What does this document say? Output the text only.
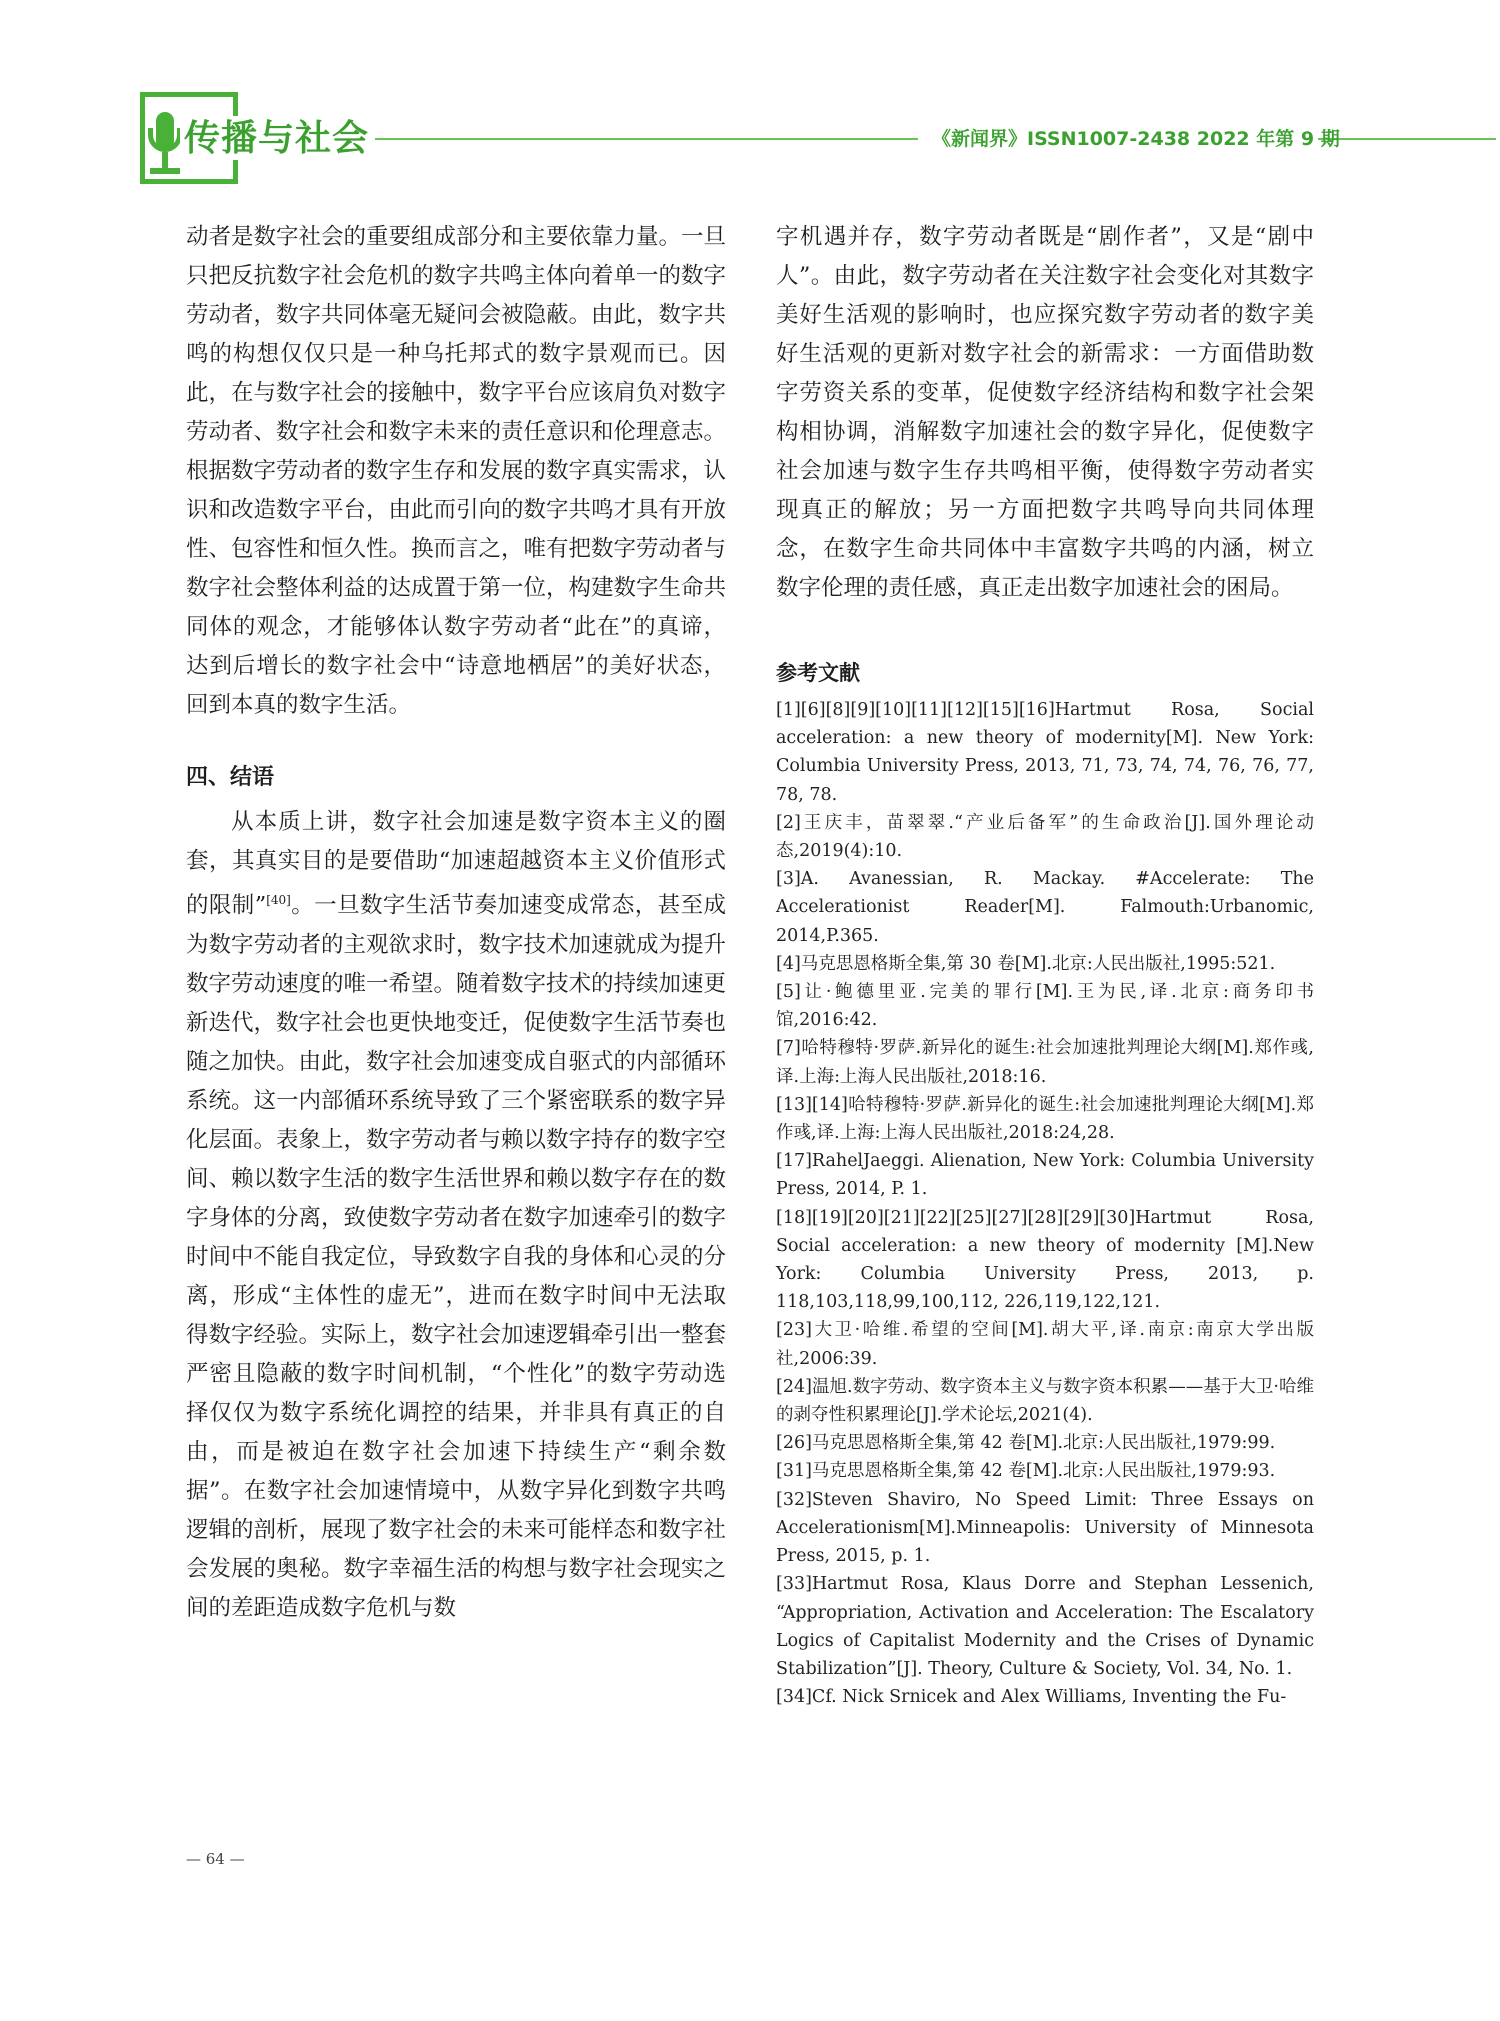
传播与社会	《新闻界》ISSN1007-2438 2022 年第 9 期

动者是数字社会的重要组成部分和主要依靠力量。一旦只把反抗数字社会危机的数字共鸣主体向着单一的数字劳动者，数字共同体毫无疑问会被隐蔽。由此，数字共鸣的构想仅仅只是一种乌托邦式的数字景观而已。因此，在与数字社会的接触中，数字平台应该肩负对数字劳动者、数字社会和数字未来的责任意识和伦理意志。根据数字劳动者的数字生存和发展的数字真实需求，认识和改造数字平台，由此而引向的数字共鸣才具有开放性、包容性和恒久性。换而言之，唯有把数字劳动者与数字社会整体利益的达成置于第一位，构建数字生命共同体的观念，才能够体认数字劳动者“此在”的真谛，达到后增长的数字社会中“诗意地栖居”的美好状态，回到本真的数字生活。

四、结语

从本质上讲，数字社会加速是数字资本主义的圈套，其真实目的是要借助“加速超越资本主义价值形式的限制”[40]。一旦数字生活节奏加速变成常态，甚至成为数字劳动者的主观欲求时，数字技术加速就成为提升数字劳动速度的唯一希望。随着数字技术的持续加速更新迭代，数字社会也更快地变迁，促使数字生活节奏也随之加快。由此，数字社会加速变成自驱式的内部循环系统。这一内部循环系统导致了三个紧密联系的数字异化层面。表象上，数字劳动者与赖以数字持存的数字空间、赖以数字生活的数字生活世界和赖以数字存在的数字身体的分离，致使数字劳动者在数字加速牵引的数字时间中不能自我定位，导致数字自我的身体和心灵的分离，形成“主体性的虚无”，进而在数字时间中无法取得数字经验。实际上，数字社会加速逻辑牵引出一整套严密且隐蔽的数字时间机制，“个性化”的数字劳动选择仅仅为数字系统化调控的结果，并非具有真正的自由，而是被迫在数字社会加速下持续生产“剩余数据”。在数字社会加速情境中，从数字异化到数字共鸣逻辑的剖析，展现了数字社会的未来可能样态和数字社会发展的奥秘。数字幸福生活的构想与数字社会现实之间的差距造成数字危机与数

字机遇并存，数字劳动者既是“剧作者”，又是“剧中人”。由此，数字劳动者在关注数字社会变化对其数字美好生活观的影响时，也应探究数字劳动者的数字美好生活观的更新对数字社会的新需求：一方面借助数字劳资关系的变革，促使数字经济结构和数字社会架构相协调，消解数字加速社会的数字异化，促使数字社会加速与数字生存共鸣相平衡，使得数字劳动者实现真正的解放；另一方面把数字共鸣导向共同体理念，在数字生命共同体中丰富数字共鸣的内涵，树立数字伦理的责任感，真正走出数字加速社会的困局。

参考文献

[1][6][8][9][10][11][12][15][16]Hartmut Rosa, Social acceleration: a new theory of modernity[M]. New York: Columbia University Press, 2013, 71, 73, 74, 74, 76, 76, 77, 78, 78.

[2]王庆丰，苗翠翠.“产业后备军”的生命政治[J].国外理论动态,2019(4):10.

[3]A. Avanessian, R. Mackay. #Accelerate: The Accelerationist Reader[M]. Falmouth:Urbanomic, 2014,P.365.

[4]马克思恩格斯全集,第 30 卷[M].北京:人民出版社,1995:521.

[5]让·鲍德里亚.完美的罪行[M].王为民,译.北京:商务印书馆,2016:42.

[7]哈特穆特·罗萨.新异化的诞生:社会加速批判理论大纲[M].郑作彧,译.上海:上海人民出版社,2018:16.

[13][14]哈特穆特·罗萨.新异化的诞生:社会加速批判理论大纲[M].郑作彧,译.上海:上海人民出版社,2018:24,28.

[17]RahelJaeggi. Alienation, New York: Columbia University Press, 2014, P. 1.

[18][19][20][21][22][25][27][28][29][30]Hartmut Rosa, Social acceleration: a new theory of modernity [M].New York: Columbia University Press, 2013, p. 118,103,118,99,100,112, 226,119,122,121.

[23]大卫·哈维.希望的空间[M].胡大平,译.南京:南京大学出版社,2006:39.

[24]温旭.数字劳动、数字资本主义与数字资本积累——基于大卫·哈维的剥夺性积累理论[J].学术论坛,2021(4).

[26]马克思恩格斯全集,第 42 卷[M].北京:人民出版社,1979:99.

[31]马克思恩格斯全集,第 42 卷[M].北京:人民出版社,1979:93.

[32]Steven Shaviro, No Speed Limit: Three Essays on Accelerationism[M].Minneapolis: University of Minnesota Press, 2015, p. 1.

[33]Hartmut Rosa, Klaus Dorre and Stephan Lessenich, “Appropriation, Activation and Acceleration: The Escalatory Logics of Capitalist Modernity and the Crises of Dynamic Stabilization”[J]. Theory, Culture & Society, Vol. 34, No. 1.

[34]Cf. Nick Srnicek and Alex Williams, Inventing the Fu-

— 64 —
